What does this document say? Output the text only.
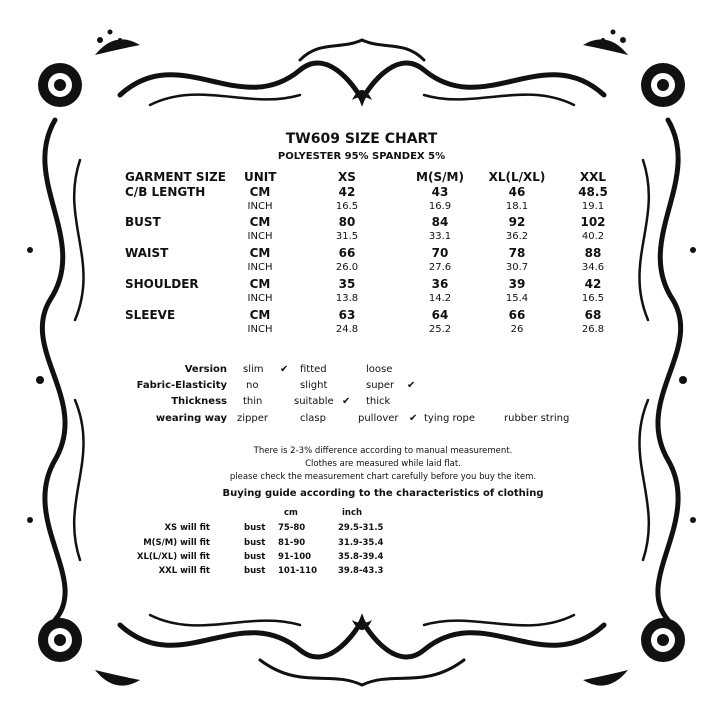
TW609 SIZE CHART
POLYESTER 95% SPANDEX 5%
GARMENT SIZE UNIT	XS	M(S/M)	XL(L/XL)	XXL
C/B LENGTH	CM	42	43	46	48.5
INCH	16.5	16.9	18.1	19.1
BUST	CM	80	84	92	102
INCH	31.5	33.1	36.2	40.2
WAIST	CM	66	70	78	88
INCH	26.0	27.6	30.7	34.6
SHOULDER	CM	35	36	39	42
INCH	13.8	14.2	15.4	16.5
SLEEVE	CM	63	64	66	68
INCH	24.8	25.2	26	26.8
Version slim ✔ fitted	loose
Fabric-Elasticity no	slight	super ✔
Thickness thin	suitable ✔ thick
wearing way zipper	clasp	pullover ✔ tying rope	rubber string
There is 2-3% difference according to manual measurement.
Clothes are measured while laid flat.
please check the measurement chart carefully before you buy the item.
Buying guide according to the characteristics of clothing
cm	inch
XS will fit	bust 75-80	29.5-31.5
M(S/M) will fit	bust 81-90	31.9-35.4
XL(L/XL) will fit	bust 91-100	35.8-39.4
XXL will fit	bust 101-110 39.8-43.3
